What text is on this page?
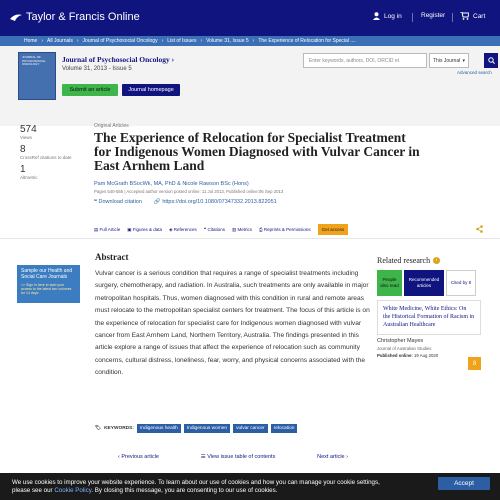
Taylor & Francis Online	Log in	Register	Cart
Home › All Journals › Journal of Psychosocial Oncology › List of Issues › Volume 31, Issue 5 › The Experience of Relocation for Special ....
JOURNAL OF PSYCHOSOCIAL ONCOLOGY
Journal of Psychosocial Oncology ›
Volume 31, 2013 - Issue 5
Submit an article	Journal homepage
Enter keywords, authors, DOI, ORCID et	This Journal ▾
Advanced search
574
Views
8
CrossRef citations to date
1
Altmetric
Original Articles
The Experience of Relocation for Specialist Treatment for Indigenous Women Diagnosed with Vulvar Cancer in East Arnhem Land
Pam McGrath BSocWk, MA, PhD & Nicole Rawson BSc (Hons)
Pages 540-555 | Accepted author version posted online: 11 Jul 2013, Published online:06 Sep 2013
❝ Download citation 🔗 https://doi.org/10.1080/07347332.2013.822051
▤ Full Article ▣ Figures & data ◈ References ❝ Citations ▥ Metrics ⎙ Reprints & Permissions	Get access
Sample our Health and Social Care Journals
>> Sign in here to start your access to the latest two volumes for 14 days
Abstract
Vulvar cancer is a serious condition that requires a range of specialist treatments including surgery, chemotherapy, and radiation. In Australia, such treatments are only available in major metropolitan hospitals. Thus, women diagnosed with this condition in rural and remote areas must relocate to the metropolitan specialist centers for treatment. The focus of this article is on the experience of relocation for specialist care for Indigenous women diagnosed with vulvar cancer from East Arnhem Land, Northern Territory, Australia. The findings presented in this article explore a range of issues that affect the experience of relocation such as community concerns, cultural distress, loneliness, fear, worry, and physical concerns associated with the condition.
🏷 KEYWORDS:	Indigenous health	Indigenous women	vulvar cancer	relocation
‹ Previous article	☰ View issue table of contents	Next article ›
Related research	i
People also read
Recommended articles
Cited by 8
White Medicine, White Ethics: On the Historical Formation of Racism in Australian Healthcare
Christopher Mayes
Journal of Australian Studies
Published online: 19 Aug 2020
8
We use cookies to improve your website experience. To learn about our use of cookies and how you can manage your cookie settings,
please see our Cookie Policy. By closing this message, you are consenting to our use of cookies.
Accept
